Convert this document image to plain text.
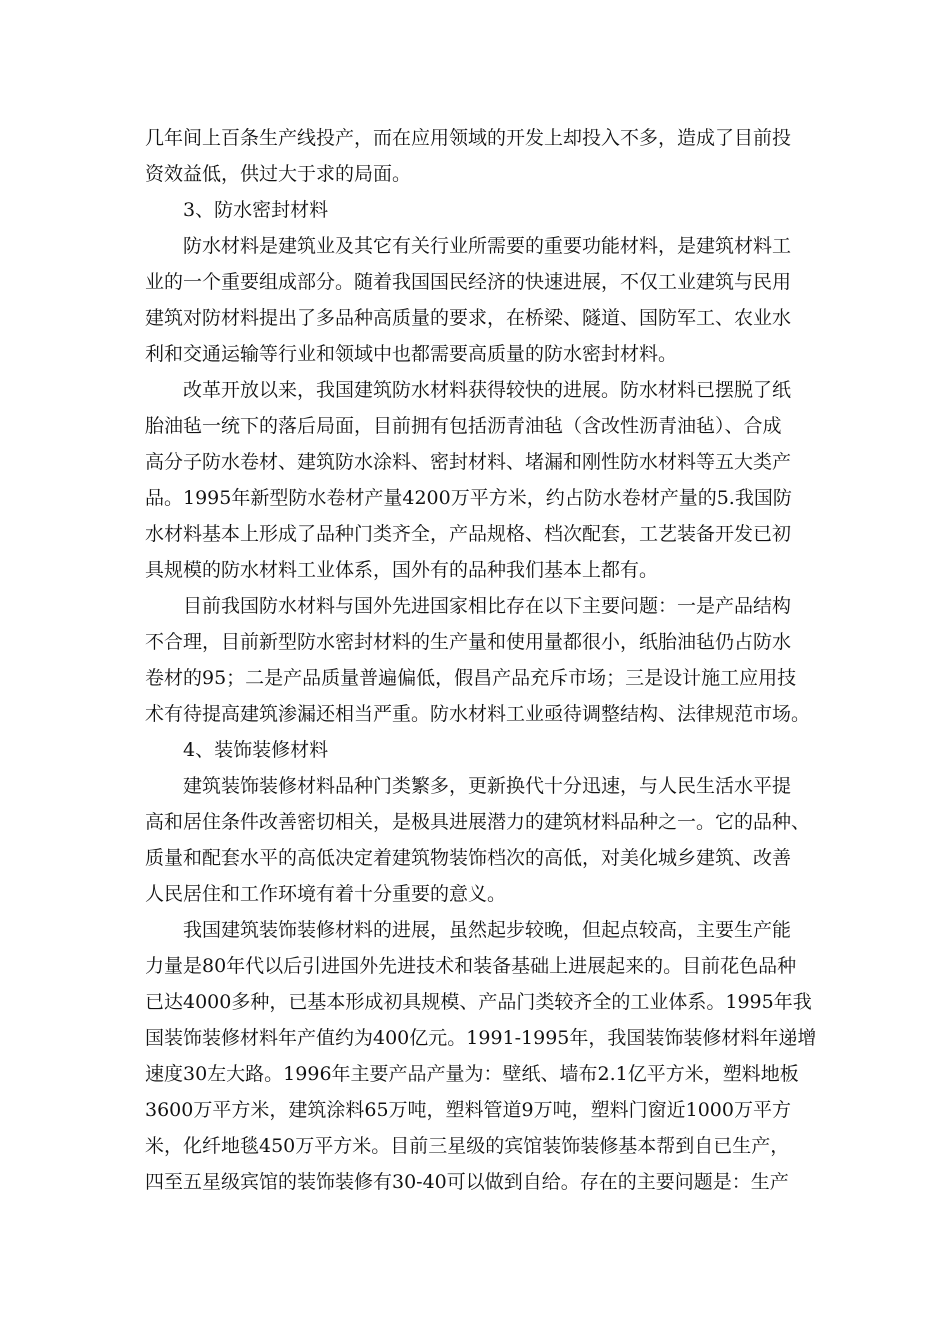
几年间上百条生产线投产，而在应用领域的开发上却投入不多，造成了目前投
资效益低，供过大于求的局面。
3、防水密封材料
防水材料是建筑业及其它有关行业所需要的重要功能材料，是建筑材料工
业的一个重要组成部分。随着我国国民经济的快速进展，不仅工业建筑与民用
建筑对防材料提出了多品种高质量的要求，在桥梁、隧道、国防军工、农业水
利和交通运输等行业和领域中也都需要高质量的防水密封材料。
改革开放以来，我国建筑防水材料获得较快的进展。防水材料已摆脱了纸
胎油毡一统下的落后局面，目前拥有包括沥青油毡（含改性沥青油毡）、合成
高分子防水卷材、建筑防水涂料、密封材料、堵漏和刚性防水材料等五大类产
品。1995年新型防水卷材产量4200万平方米，约占防水卷材产量的5.我国防
水材料基本上形成了品种门类齐全，产品规格、档次配套，工艺装备开发已初
具规模的防水材料工业体系，国外有的品种我们基本上都有。
目前我国防水材料与国外先进国家相比存在以下主要问题：一是产品结构
不合理，目前新型防水密封材料的生产量和使用量都很小，纸胎油毡仍占防水
卷材的95；二是产品质量普遍偏低，假昌产品充斥市场；三是设计施工应用技
术有待提高建筑渗漏还相当严重。防水材料工业亟待调整结构、法律规范市场。
4、装饰装修材料
建筑装饰装修材料品种门类繁多，更新换代十分迅速，与人民生活水平提
高和居住条件改善密切相关，是极具进展潜力的建筑材料品种之一。它的品种、
质量和配套水平的高低决定着建筑物装饰档次的高低，对美化城乡建筑、改善
人民居住和工作环境有着十分重要的意义。
我国建筑装饰装修材料的进展，虽然起步较晚，但起点较高，主要生产能
力量是80年代以后引进国外先进技术和装备基础上进展起来的。目前花色品种
已达4000多种，已基本形成初具规模、产品门类较齐全的工业体系。1995年我
国装饰装修材料年产值约为400亿元。1991-1995年，我国装饰装修材料年递增
速度30左大路。1996年主要产品产量为：壁纸、墙布2.1亿平方米，塑料地板
3600万平方米，建筑涂料65万吨，塑料管道9万吨，塑料门窗近1000万平方
米，化纤地毯450万平方米。目前三星级的宾馆装饰装修基本帮到自已生产，
四至五星级宾馆的装饰装修有30-40可以做到自给。存在的主要问题是：生产
